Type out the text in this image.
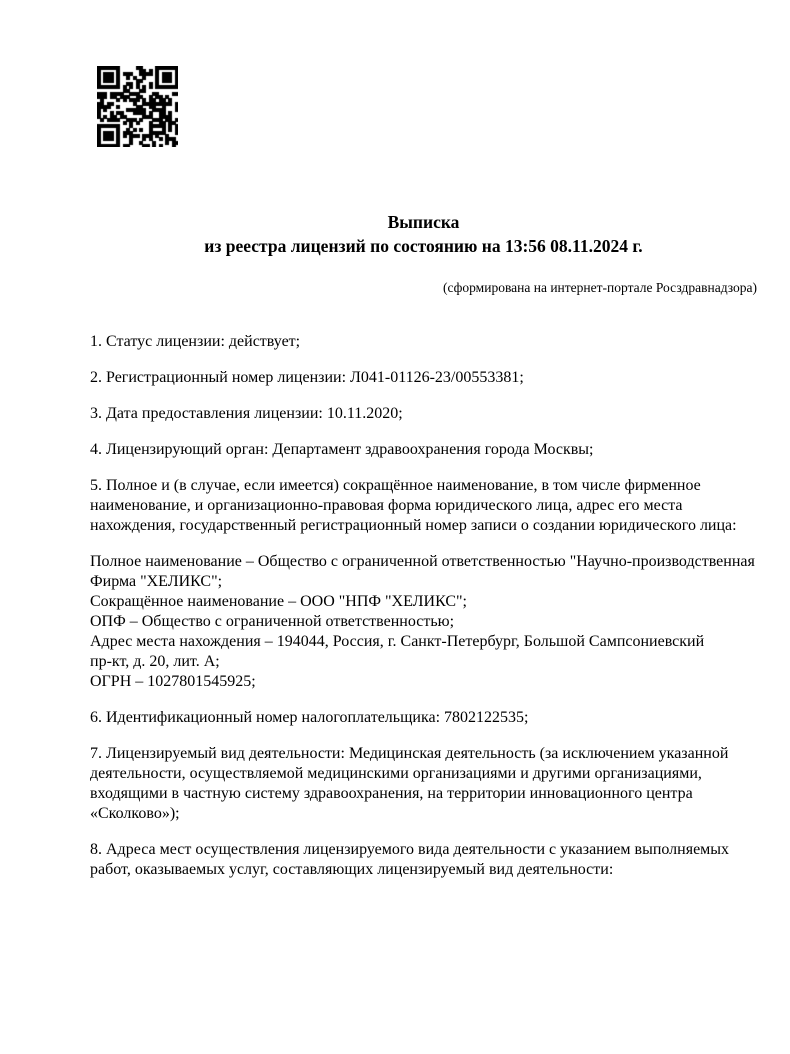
Выписка
из реестра лицензий по состоянию на 13:56 08.11.2024 г.
(сформирована на интернет-портале Росздравнадзора)
1. Статус лицензии: действует;
2. Регистрационный номер лицензии: Л041-01126-23/00553381;
3. Дата предоставления лицензии: 10.11.2020;
4. Лицензирующий орган: Департамент здравоохранения города Москвы;
5. Полное и (в случае, если имеется) сокращённое наименование, в том числе фирменное
наименование, и организационно-правовая форма юридического лица, адрес его места
нахождения, государственный регистрационный номер записи о создании юридического лица:
Полное наименование – Общество с ограниченной ответственностью "Научно-производственная
Фирма "ХЕЛИКС";
Сокращённое наименование – ООО "НПФ "ХЕЛИКС";
ОПФ – Общество с ограниченной ответственностью;
Адрес места нахождения – 194044, Россия, г. Санкт-Петербург, Большой Сампсониевский
пр-кт, д. 20, лит. А;
ОГРН – 1027801545925;
6. Идентификационный номер налогоплательщика: 7802122535;
7. Лицензируемый вид деятельности: Медицинская деятельность (за исключением указанной
деятельности, осуществляемой медицинскими организациями и другими организациями,
входящими в частную систему здравоохранения, на территории инновационного центра
«Сколково»);
8. Адреса мест осуществления лицензируемого вида деятельности с указанием выполняемых
работ, оказываемых услуг, составляющих лицензируемый вид деятельности:
